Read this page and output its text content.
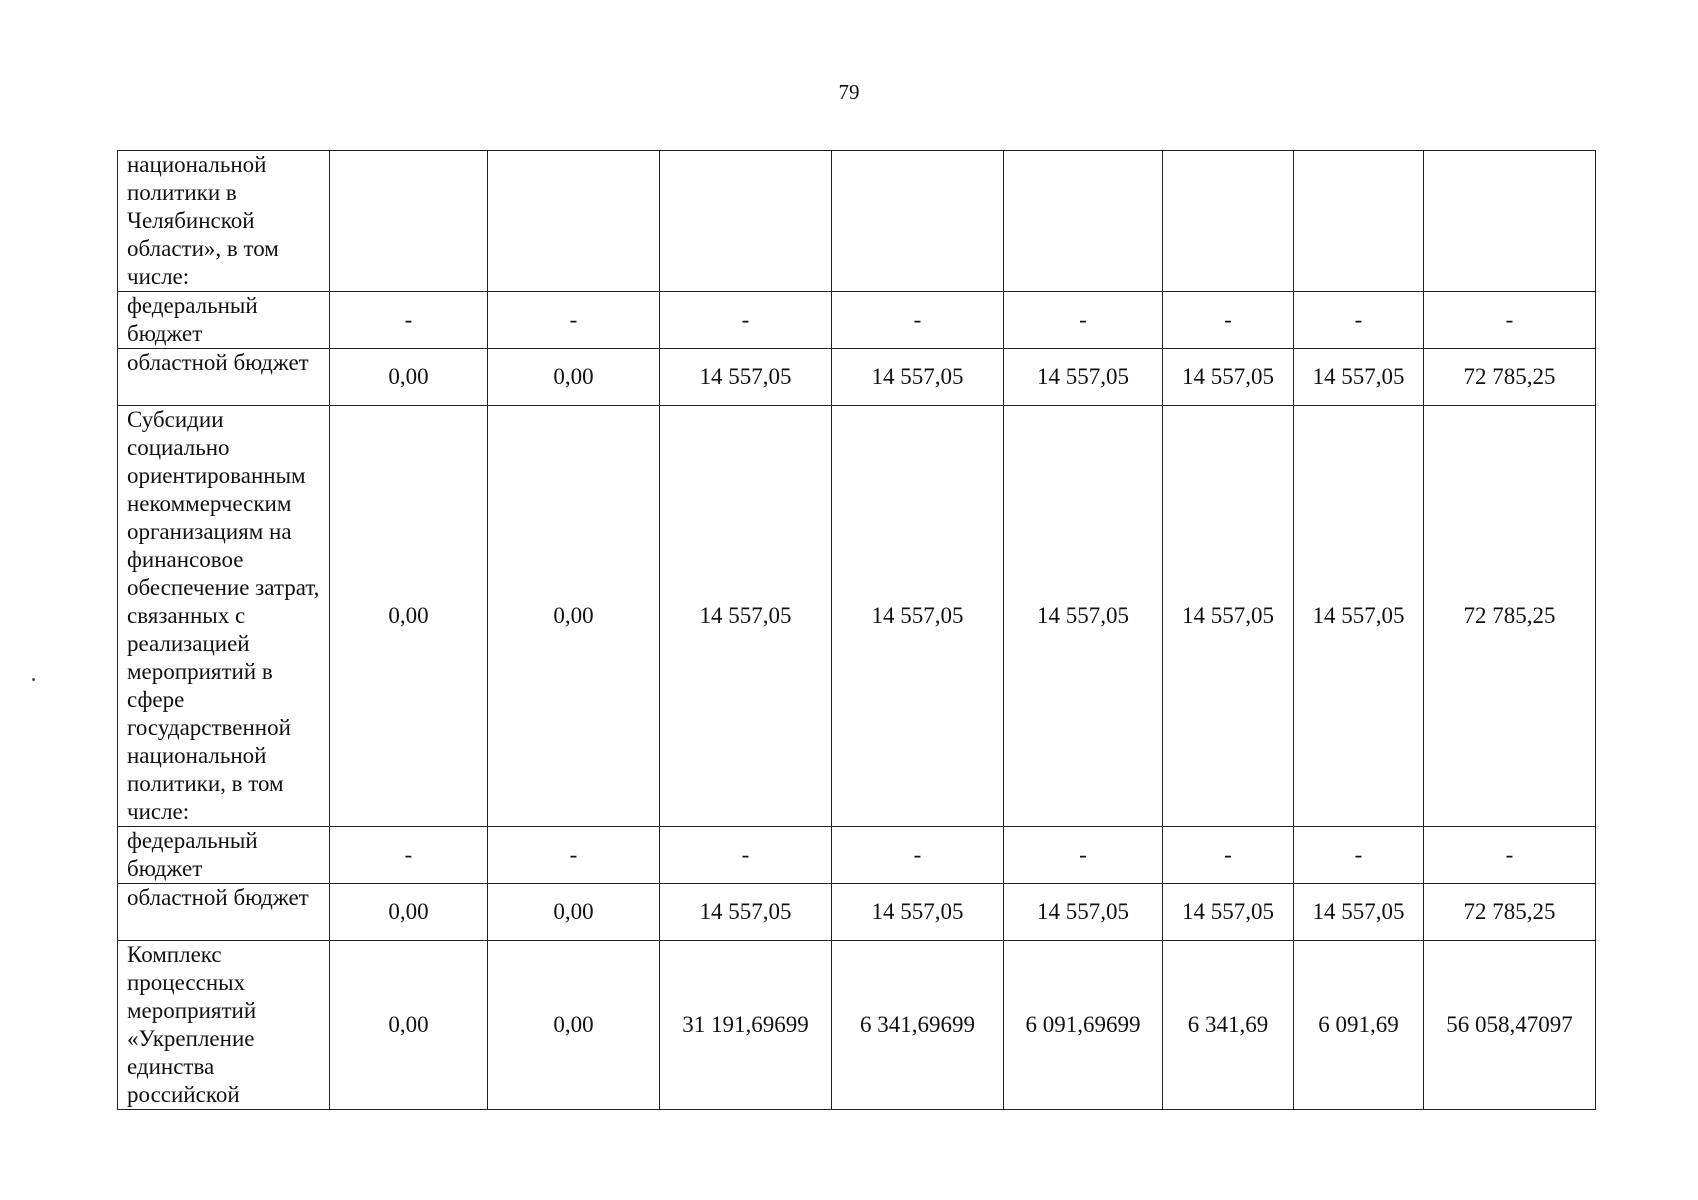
79
национальной политики в Челябинской области», в том числе:								
федеральный бюджет	-	-	-	-	-	-	-	-
областной бюджет	0,00	0,00	14 557,05	14 557,05	14 557,05	14 557,05	14 557,05	72 785,25
Субсидии социально ориентированным некоммерческим организациям на финансовое обеспечение затрат, связанных с реализацией мероприятий в сфере государственной национальной политики, в том числе:	0,00	0,00	14 557,05	14 557,05	14 557,05	14 557,05	14 557,05	72 785,25
федеральный бюджет	-	-	-	-	-	-	-	-
областной бюджет	0,00	0,00	14 557,05	14 557,05	14 557,05	14 557,05	14 557,05	72 785,25
Комплекс процессных мероприятий «Укрепление единства российской	0,00	0,00	31 191,69699	6 341,69699	6 091,69699	6 341,69	6 091,69	56 058,47097
